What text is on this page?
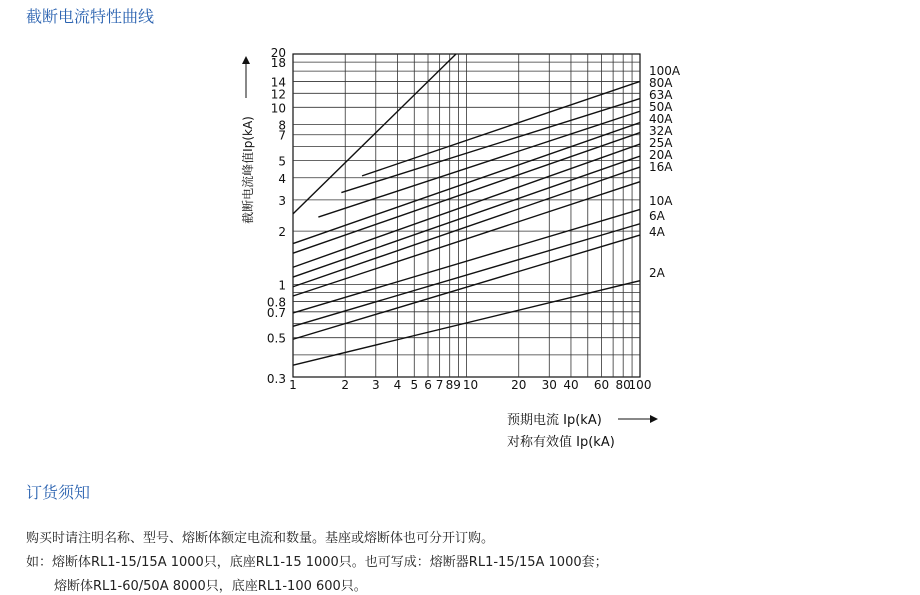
截断电流特性曲线
1	2 3 4 5 6 7 89 10	20 30 40 60 80
100
0.3
0.5
0.7
0.8
1
2
3
4
5
7
8
10
12
14
18
20
2A
4A
6A
10A
16A
20A
25A
32A
40A
50A
63A
80A
100A
截断电流峰值Ip(kA)
预期电流 Ip(kA)
对称有效值 Ip(kA)
订货须知

购买时请注明名称、型号、熔断体额定电流和数量。基座或熔断体也可分开订购。

如：熔断体RL1-15/15A 1000只，底座RL1-15 1000只。也可写成：熔断器RL1-15/15A 1000套；

熔断体RL1-60/50A 8000只，底座RL1-100 600只。
